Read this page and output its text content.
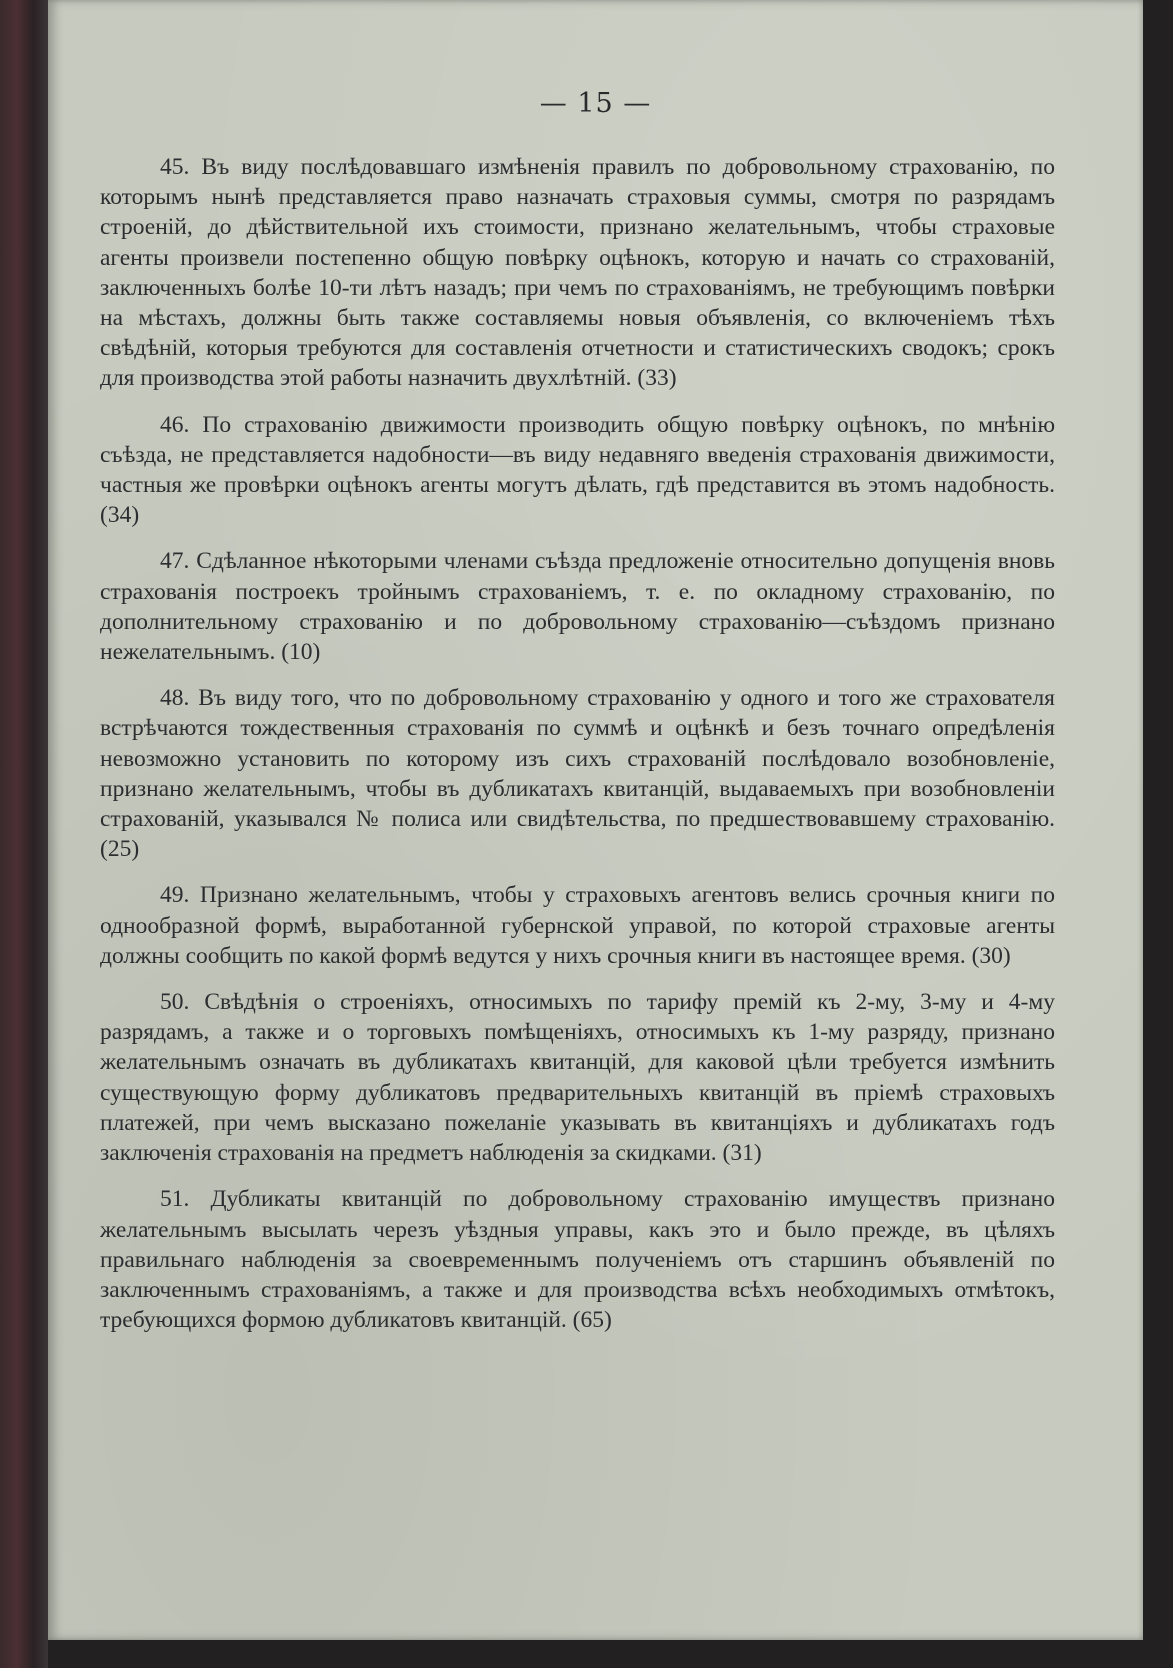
— 15 —

45. Въ виду послѣдовавшаго измѣненія правилъ по добровольному страхованію, по которымъ нынѣ представляется право назначать страховыя суммы, смотря по разрядамъ строеній, до дѣйствительной ихъ стоимости, признано желательнымъ, чтобы страховые агенты произвели постепенно общую повѣрку оцѣнокъ, которую и начать со страхованій, заключенныхъ болѣе 10-ти лѣтъ назадъ; при чемъ по страхованіямъ, не требующимъ повѣрки на мѣстахъ, должны быть также составляемы новыя объявленія, со включеніемъ тѣхъ свѣдѣній, которыя требуются для составленія отчетности и статистическихъ сводокъ; срокъ для производства этой работы назначить двухлѣтній. (33)

46. По страхованію движимости производить общую повѣрку оцѣнокъ, по мнѣнію съѣзда, не представляется надобности—въ виду недавняго введенія страхованія движимости, частныя же провѣрки оцѣнокъ агенты могутъ дѣлать, гдѣ представится въ этомъ надобность. (34)

47. Сдѣланное нѣкоторыми членами съѣзда предложеніе относительно допущенія вновь страхованія построекъ тройнымъ страхованіемъ, т. е. по окладному страхованію, по дополнительному страхованію и по добровольному страхованію—съѣздомъ признано нежелательнымъ. (10)

48. Въ виду того, что по добровольному страхованію у одного и того же страхователя встрѣчаются тождественныя страхованія по суммѣ и оцѣнкѣ и безъ точнаго опредѣленія невозможно установить по которому изъ сихъ страхованій послѣдовало возобновленіе, признано желательнымъ, чтобы въ дубликатахъ квитанцій, выдаваемыхъ при возобновленіи страхованій, указывался № полиса или свидѣтельства, по предшествовавшему страхованію. (25)

49. Признано желательнымъ, чтобы у страховыхъ агентовъ велись срочныя книги по однообразной формѣ, выработанной губернской управой, по которой страховые агенты должны сообщить по какой формѣ ведутся у нихъ срочныя книги въ настоящее время. (30)

50. Свѣдѣнія о строеніяхъ, относимыхъ по тарифу премій къ 2-му, 3-му и 4-му разрядамъ, а также и о торговыхъ помѣщеніяхъ, относимыхъ къ 1-му разряду, признано желательнымъ означать въ дубликатахъ квитанцій, для каковой цѣли требуется измѣнить существующую форму дубликатовъ предварительныхъ квитанцій въ пріемѣ страховыхъ платежей, при чемъ высказано пожеланіе указывать въ квитанціяхъ и дубликатахъ годъ заключенія страхованія на предметъ наблюденія за скидками. (31)

51. Дубликаты квитанцій по добровольному страхованію имуществъ признано желательнымъ высылать черезъ уѣздныя управы, какъ это и было прежде, въ цѣляхъ правильнаго наблюденія за своевременнымъ полученіемъ отъ старшинъ объявленій по заключеннымъ страхованіямъ, а также и для производства всѣхъ необходимыхъ отмѣтокъ, требующихся формою дубликатовъ квитанцій. (65)
